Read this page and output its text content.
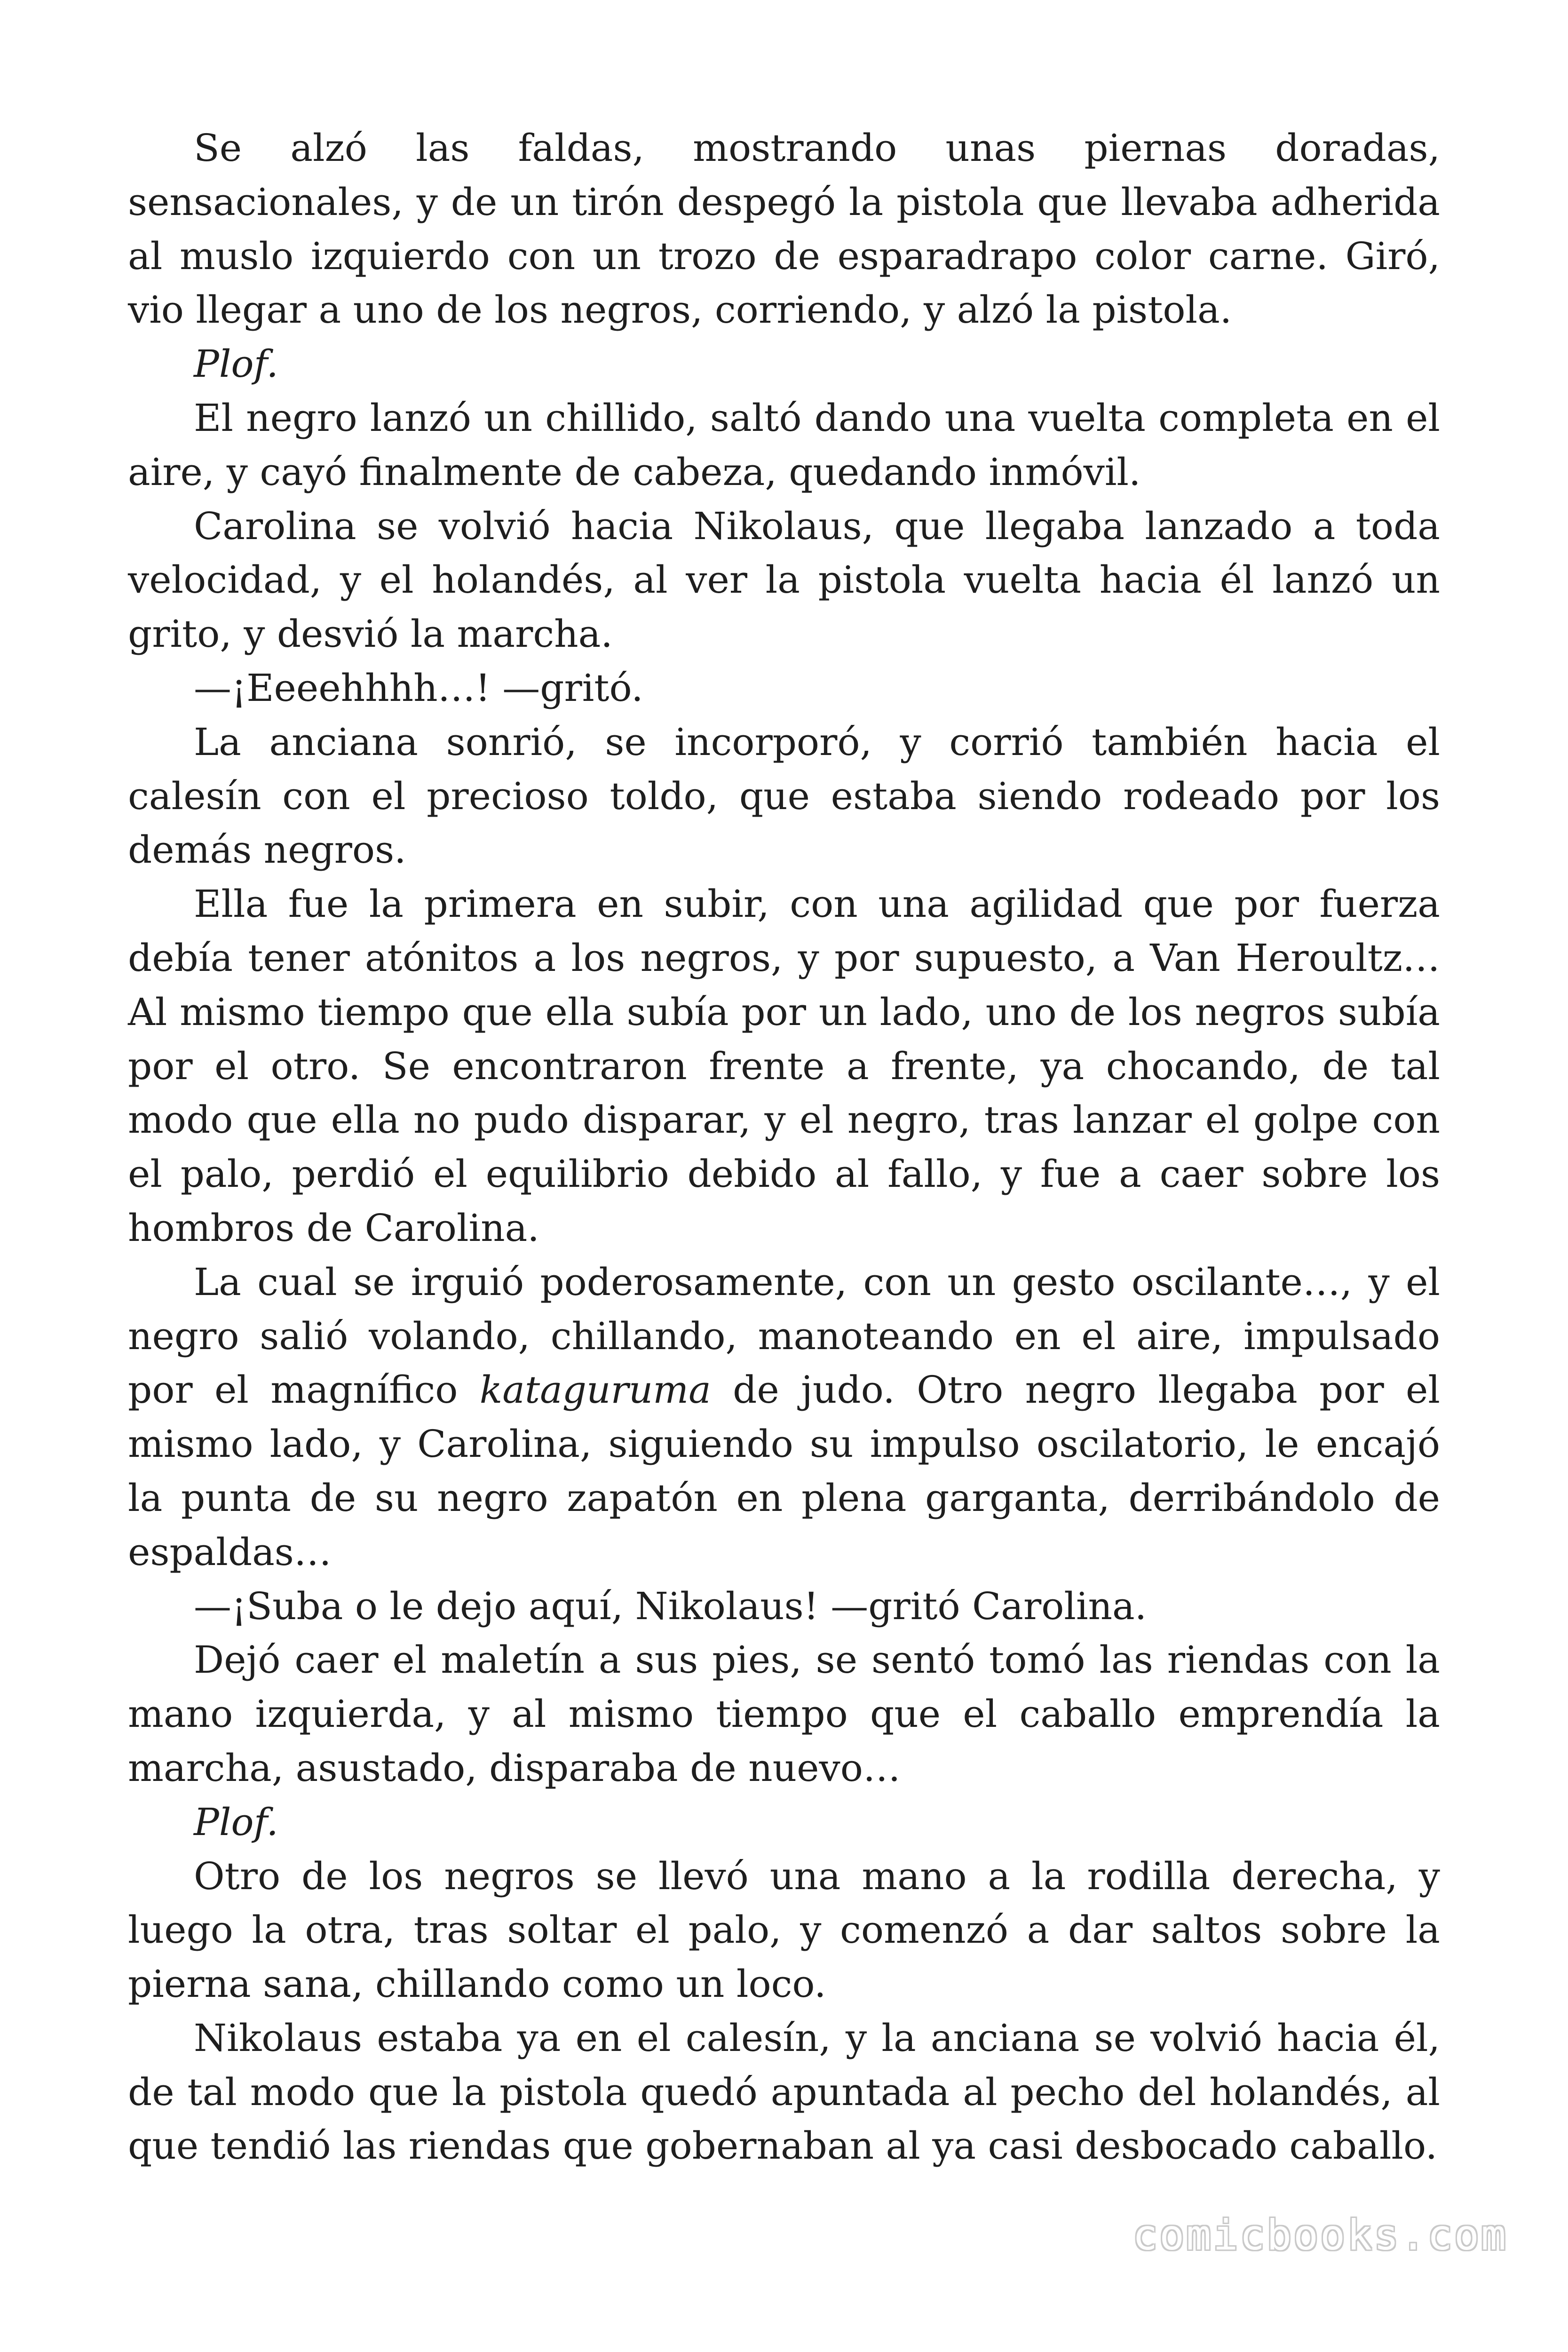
Se alzó las faldas, mostrando unas piernas doradas, sensacionales, y de un tirón despegó la pistola que llevaba adherida al muslo izquierdo con un trozo de esparadrapo color carne. Giró, vio llegar a uno de los negros, corriendo, y alzó la pistola.

Plof.

El negro lanzó un chillido, saltó dando una vuelta completa en el aire, y cayó finalmente de cabeza, quedando inmóvil.

Carolina se volvió hacia Nikolaus, que llegaba lanzado a toda velocidad, y el holandés, al ver la pistola vuelta hacia él lanzó un grito, y desvió la marcha.

—¡Eeeehhhh…! —gritó.

La anciana sonrió, se incorporó, y corrió también hacia el calesín con el precioso toldo, que estaba siendo rodeado por los demás negros.

Ella fue la primera en subir, con una agilidad que por fuerza debía tener atónitos a los negros, y por supuesto, a Van Heroultz… Al mismo tiempo que ella subía por un lado, uno de los negros subía por el otro. Se encontraron frente a frente, ya chocando, de tal modo que ella no pudo disparar, y el negro, tras lanzar el golpe con el palo, perdió el equilibrio debido al fallo, y fue a caer sobre los hombros de Carolina.

La cual se irguió poderosamente, con un gesto oscilante…, y el negro salió volando, chillando, manoteando en el aire, impulsado por el magnífico kataguruma de judo. Otro negro llegaba por el mismo lado, y Carolina, siguiendo su impulso oscilatorio, le encajó la punta de su negro zapatón en plena garganta, derribándolo de espaldas…

—¡Suba o le dejo aquí, Nikolaus! —gritó Carolina.

Dejó caer el maletín a sus pies, se sentó tomó las riendas con la mano izquierda, y al mismo tiempo que el caballo emprendía la marcha, asustado, disparaba de nuevo…

Plof.

Otro de los negros se llevó una mano a la rodilla derecha, y luego la otra, tras soltar el palo, y comenzó a dar saltos sobre la pierna sana, chillando como un loco.

Nikolaus estaba ya en el calesín, y la anciana se volvió hacia él, de tal modo que la pistola quedó apuntada al pecho del holandés, al que tendió las riendas que gobernaban al ya casi desbocado caballo.

comicbooks.com
